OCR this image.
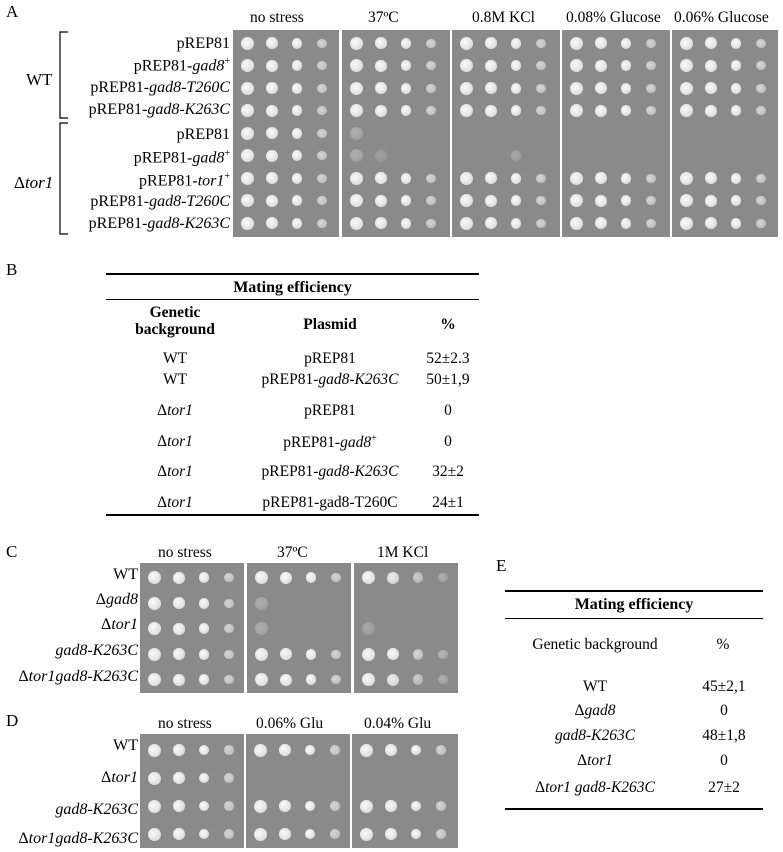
A	no stress	37ºC	0.8M KCl 0.08% Glucose 0.06% Glucose
WT
Δtor1
pREP81
pREP81-gad8+
pREP81-gad8-T260C
pREP81-gad8-K263C
pREP81
pREP81-gad8+
pREP81-tor1+
pREP81-gad8-T260C
pREP81-gad8-K263C
B
Mating efficiency
Genetic background	Plasmid	%
WT	pREP81	52±2.3
WT	pREP81-gad8-K263C	50±1,9
Δtor1	pREP81	0
Δtor1	pREP81-gad8+	0
Δtor1	pREP81-gad8-K263C	32±2
Δtor1	pREP81-gad8-T260C	24±1
C	no stress	37ºC	1M KCl
WT
Δgad8
Δtor1
gad8-K263C
Δtor1gad8-K263C
D	no stress	0.06% Glu	0.04% Glu
WT
Δtor1
gad8-K263C
Δtor1gad8-K263C
E
Mating efficiency
Genetic background	%
WT	45±2,1
Δgad8	0
gad8-K263C	48±1,8
Δtor1	0
Δtor1 gad8-K263C	27±2
